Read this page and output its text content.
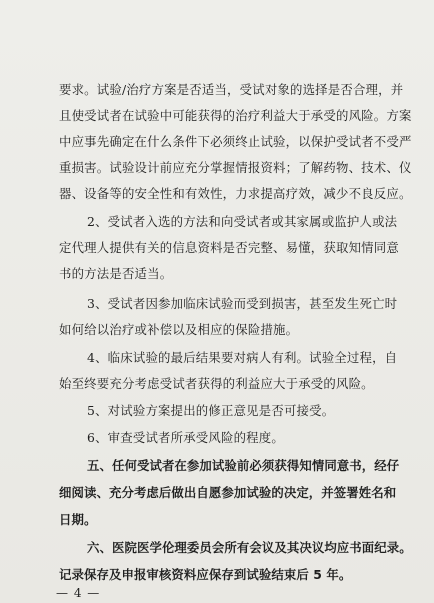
要求。试验/治疗方案是否适当，受试对象的选择是否合理，并
且使受试者在试验中可能获得的治疗利益大于承受的风险。方案
中应事先确定在什么条件下必须终止试验，以保护受试者不受严
重损害。试验设计前应充分掌握情报资料；了解药物、技术、仪
器、设备等的安全性和有效性，力求提高疗效，减少不良反应。
2、受试者入选的方法和向受试者或其家属或监护人或法
定代理人提供有关的信息资料是否完整、易懂，获取知情同意
书的方法是否适当。
3、受试者因参加临床试验而受到损害，甚至发生死亡时
如何给以治疗或补偿以及相应的保险措施。
4、临床试验的最后结果要对病人有利。试验全过程，自
始至终要充分考虑受试者获得的利益应大于承受的风险。
5、对试验方案提出的修正意见是否可接受。
6、审查受试者所承受风险的程度。
五、任何受试者在参加试验前必须获得知情同意书，经仔
细阅读、充分考虑后做出自愿参加试验的决定，并签署姓名和
日期。
六、医院医学伦理委员会所有会议及其决议均应书面纪录。
记录保存及申报审核资料应保存到试验结束后 5 年。
— 4 —
